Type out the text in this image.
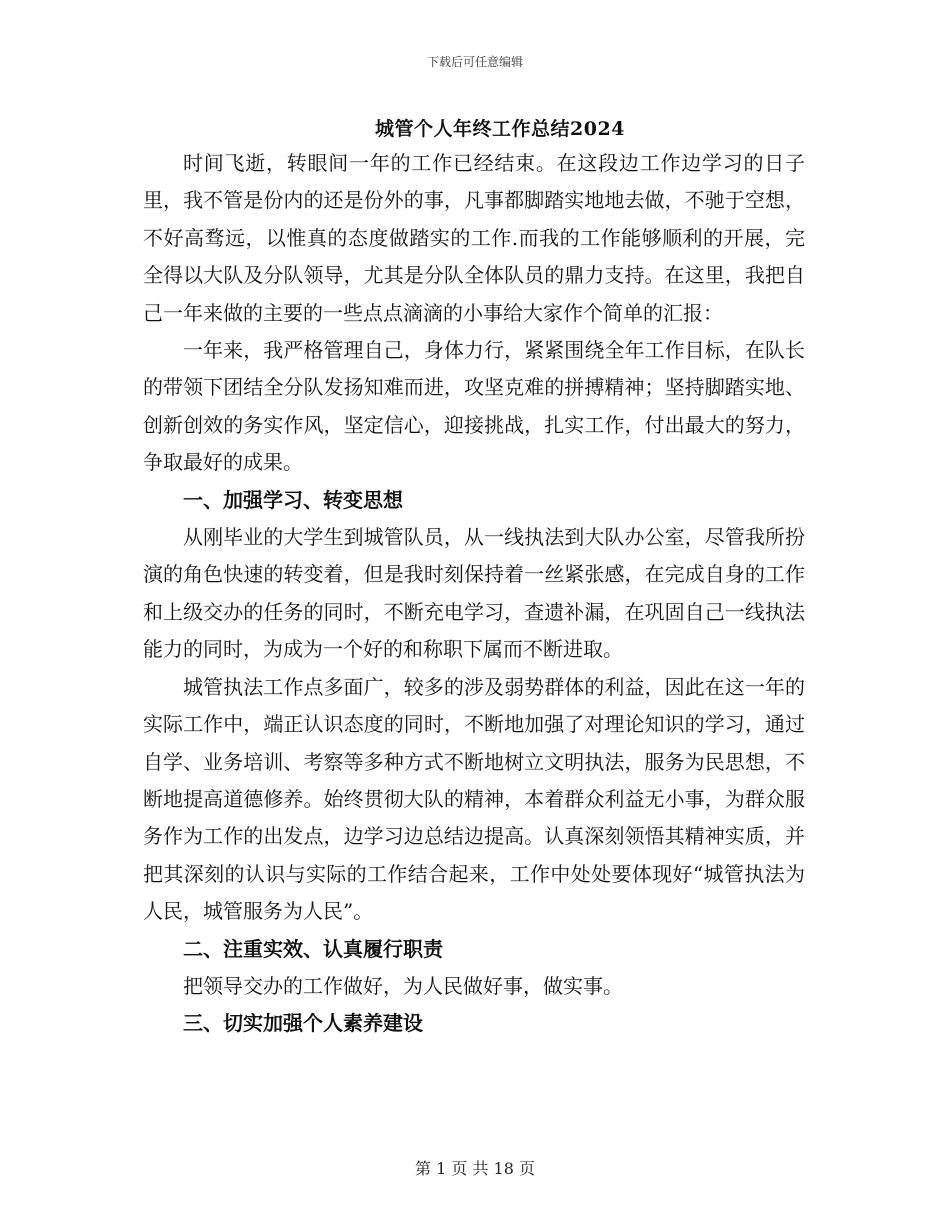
下载后可任意编辑
城管个人年终工作总结2024

时间飞逝，转眼间一年的工作已经结束。在这段边工作边学习的日子里，我不管是份内的还是份外的事，凡事都脚踏实地地去做，不驰于空想，不好高骛远，以惟真的态度做踏实的工作.而我的工作能够顺利的开展，完全得以大队及分队领导，尤其是分队全体队员的鼎力支持。在这里，我把自己一年来做的主要的一些点点滴滴的小事给大家作个简单的汇报：

一年来，我严格管理自己，身体力行，紧紧围绕全年工作目标，在队长的带领下团结全分队发扬知难而进，攻坚克难的拼搏精神；坚持脚踏实地、创新创效的务实作风，坚定信心，迎接挑战，扎实工作，付出最大的努力，争取最好的成果。

一、加强学习、转变思想

从刚毕业的大学生到城管队员，从一线执法到大队办公室，尽管我所扮演的角色快速的转变着，但是我时刻保持着一丝紧张感，在完成自身的工作和上级交办的任务的同时，不断充电学习，查遗补漏，在巩固自己一线执法能力的同时，为成为一个好的和称职下属而不断进取。

城管执法工作点多面广，较多的涉及弱势群体的利益，因此在这一年的实际工作中，端正认识态度的同时，不断地加强了对理论知识的学习，通过自学、业务培训、考察等多种方式不断地树立文明执法，服务为民思想，不断地提高道德修养。始终贯彻大队的精神，本着群众利益无小事，为群众服务作为工作的出发点，边学习边总结边提高。认真深刻领悟其精神实质，并把其深刻的认识与实际的工作结合起来，工作中处处要体现好“城管执法为人民，城管服务为人民”。

二、注重实效、认真履行职责

把领导交办的工作做好，为人民做好事，做实事。

三、切实加强个人素养建设

第 1 页 共 18 页
